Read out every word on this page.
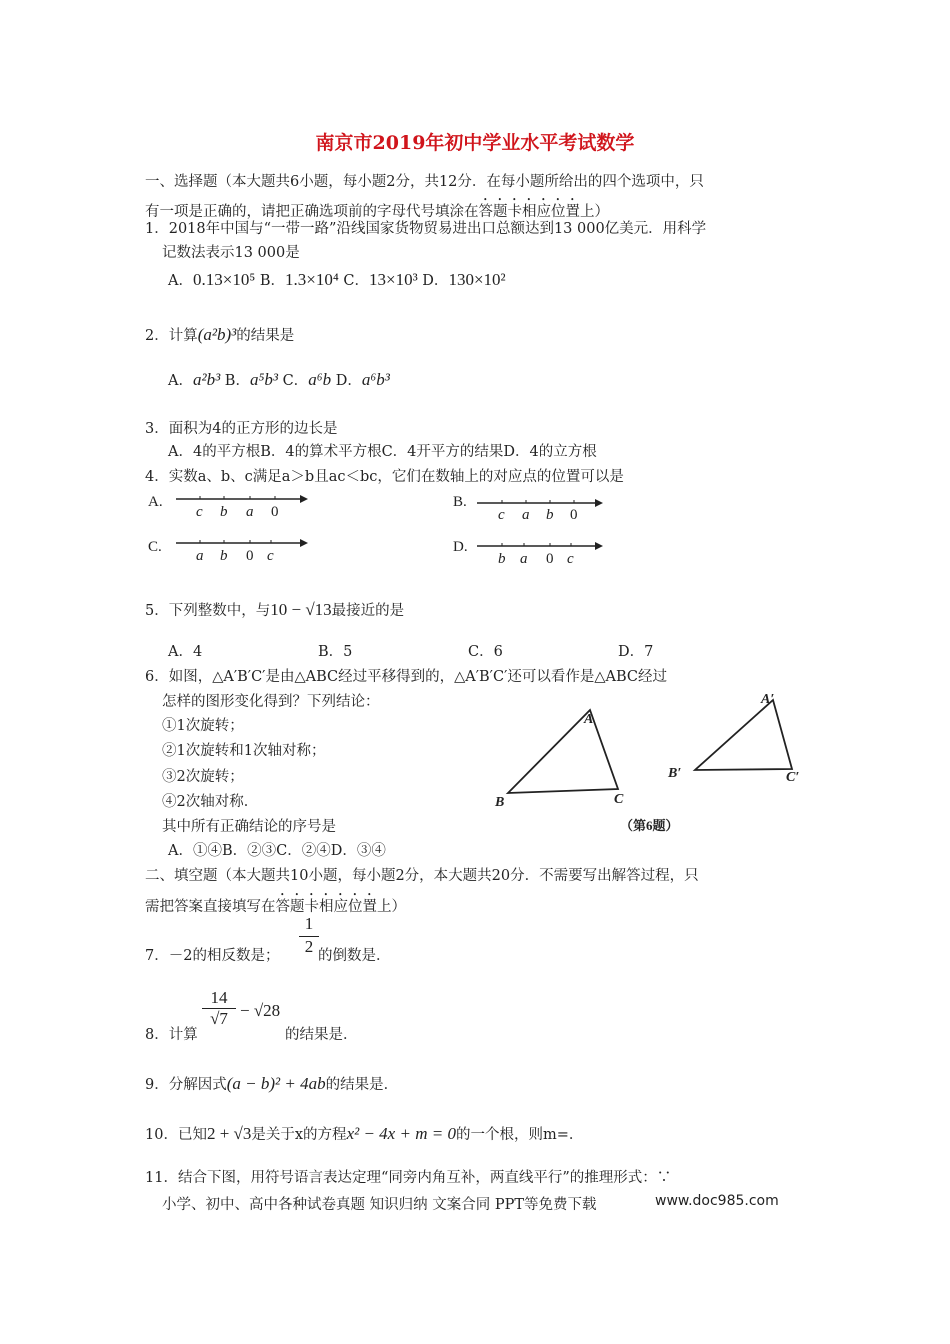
南京市2019年初中学业水平考试数学
一、选择题（本大题共6小题，每小题2分，共12分．在每小题所给出的四个选项中，只
有一项是正确的，请把正确选项前的字母代号填涂在答题卡相应位置上）
1．2018年中国与“一带一路”沿线国家货物贸易进出口总额达到13 000亿美元．用科学
记数法表示13 000是
A．0.13×10⁵ B．1.3×10⁴ C．13×10³ D．130×10²
2．计算(a²b)³的结果是
A．a²b³ B．a⁵b³ C．a⁶b D．a⁶b³
3．面积为4的正方形的边长是
A．4的平方根B．4的算术平方根C．4开平方的结果D．4的立方根
4．实数a、b、c满足a＞b且ac＜bc，它们在数轴上的对应点的位置可以是
A.
c b a 0
B.
c a b 0
C.
a b 0 c
D.
b a 0 c
5．下列整数中，与10 − √13最接近的是
A．4	B．5	C．6	D．7
6．如图，△A′B′C′是由△ABC经过平移得到的，△A′B′C′还可以看作是△ABC经过
怎样的图形变化得到？下列结论：
①1次旋转；
②1次旋转和1次轴对称；
③2次旋转；
④2次轴对称．
其中所有正确结论的序号是
A．①④B．②③C．②④D．③④
A
B	C
A′
B′	C′
（第6题）
二、填空题（本大题共10小题，每小题2分，本大题共20分．不需要写出解答过程，只
需把答案直接填写在答题卡相应位置上）
7．－2的相反数是； $\frac{1}{2}$
的倒数是．
8．计算
$\frac{14}{√7} - √28$
的结果是．
9．分解因式(a − b)² + 4ab的结果是．
10．已知2 + √3是关于x的方程x² − 4x + m = 0的一个根，则m=．
11．结合下图，用符号语言表达定理“同旁内角互补，两直线平行”的推理形式：∵
小学、初中、高中各种试卷真题 知识归纳 文案合同 PPT等免费下载	www.doc985.com
